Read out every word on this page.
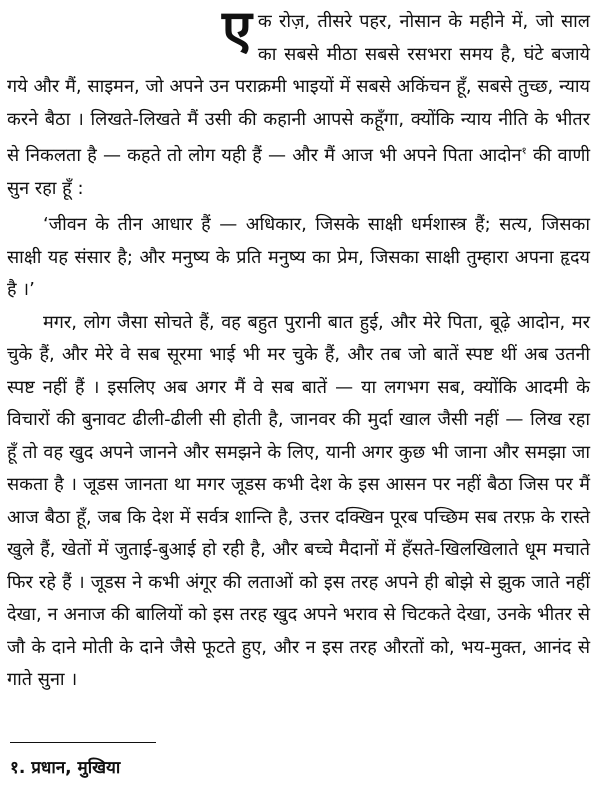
एक रोज़, तीसरे पहर, नोसान के महीने में, जो साल का सबसे मीठा सबसे रसभरा समय है, घंटे बजाये गये और मैं, साइमन, जो अपने उन पराक्रमी भाइयों में सबसे अकिंचन हूँ, सबसे तुच्छ, न्याय करने बैठा । लिखते-लिखते मैं उसी की कहानी आपसे कहूँगा, क्योंकि न्याय नीति के भीतर से निकलता है — कहते तो लोग यही हैं — और मैं आज भी अपने पिता आदोन$^१$ की वाणी सुन रहा हूँ :

‘जीवन के तीन आधार हैं — अधिकार, जिसके साक्षी धर्मशास्त्र हैं; सत्य, जिसका साक्षी यह संसार है; और मनुष्य के प्रति मनुष्य का प्रेम, जिसका साक्षी तुम्हारा अपना हृदय है ।’

मगर, लोग जैसा सोचते हैं, वह बहुत पुरानी बात हुई, और मेरे पिता, बूढ़े आदोन, मर चुके हैं, और मेरे वे सब सूरमा भाई भी मर चुके हैं, और तब जो बातें स्पष्ट थीं अब उतनी स्पष्ट नहीं हैं । इसलिए अब अगर मैं वे सब बातें — या लगभग सब, क्योंकि आदमी के विचारों की बुनावट ढीली-ढीली सी होती है, जानवर की मुर्दा खाल जैसी नहीं — लिख रहा हूँ तो वह खुद अपने जानने और समझने के लिए, यानी अगर कुछ भी जाना और समझा जा सकता है । जूडस जानता था मगर जूडस कभी देश के इस आसन पर नहीं बैठा जिस पर मैं आज बैठा हूँ, जब कि देश में सर्वत्र शान्ति है, उत्तर दक्खिन पूरब पच्छिम सब तरफ़ के रास्ते खुले हैं, खेतों में जुताई-बुआई हो रही है, और बच्चे मैदानों में हँसते-खिलखिलाते धूम मचाते फिर रहे हैं । जूडस ने कभी अंगूर की लताओं को इस तरह अपने ही बोझे से झुक जाते नहीं देखा, न अनाज की बालियों को इस तरह खुद अपने भराव से चिटकते देखा, उनके भीतर से जौ के दाने मोती के दाने जैसे फूटते हुए, और न इस तरह औरतों को, भय-मुक्त, आनंद से गाते सुना ।

१. प्रधान, मुखिया
